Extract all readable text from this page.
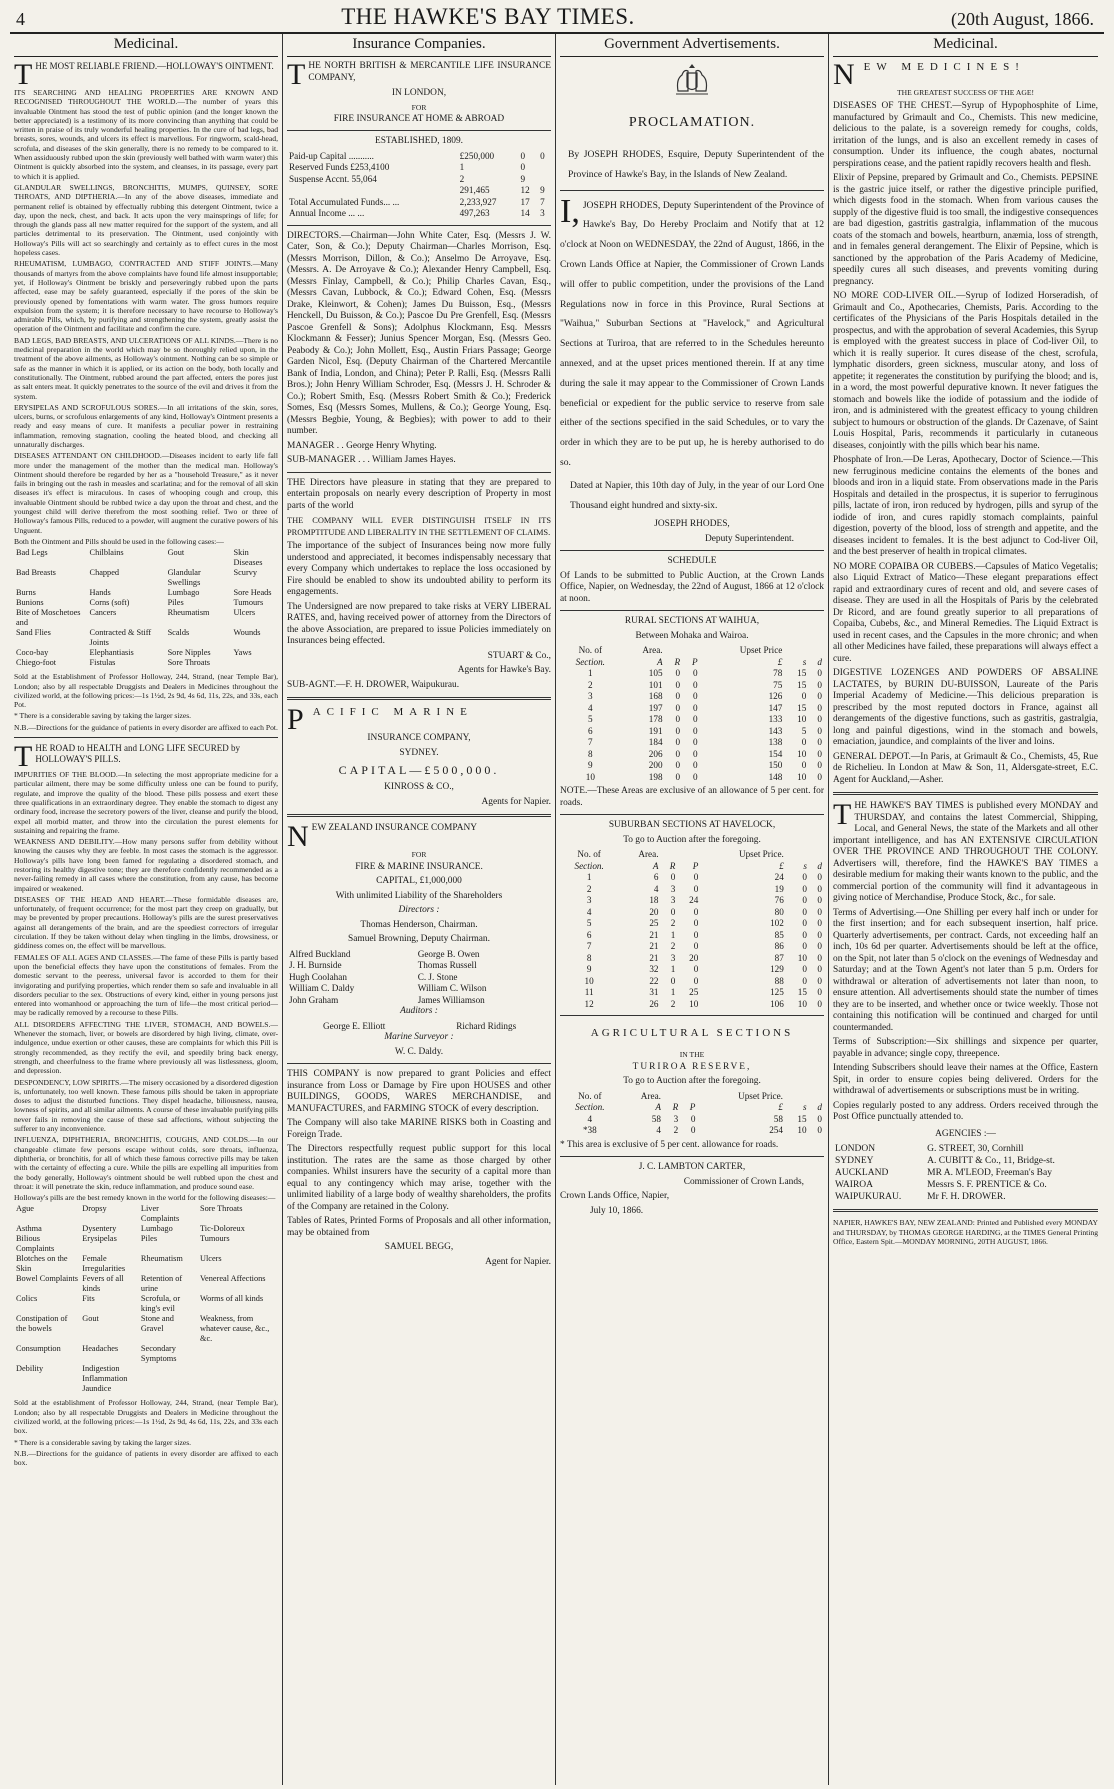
4	THE HAWKE'S BAY TIMES.	(20th August, 1866.
Medicinal.
THE MOST RELIABLE FRIEND.—HOLLOWAY'S OINTMENT.

ITS SEARCHING AND HEALING PROPERTIES ARE KNOWN AND RECOGNISED THROUGHOUT THE WORLD.—The number of years this invaluable Ointment has stood the test of public opinion (and the longer known the better appreciated) is a testimony of its more convincing than anything that could be written in praise of its truly wonderful healing properties. In the cure of bad legs, bad breasts, sores, wounds, and ulcers its effect is marvellous. For ringworm, scald-head, scrofula, and diseases of the skin generally, there is no remedy to be compared to it. When assiduously rubbed upon the skin (previously well bathed with warm water) this Ointment is quickly absorbed into the system, and cleanses, in its passage, every part to which it is applied.

GLANDULAR SWELLINGS, BRONCHITIS, MUMPS, QUINSEY, SORE THROATS, AND DIPTHERIA.—In any of the above diseases, immediate and permanent relief is obtained by effectually rubbing this detergent Ointment, twice a day, upon the neck, chest, and back. It acts upon the very mainsprings of life; for through the glands pass all new matter required for the support of the system, and all particles detrimental to its preservation. The Ointment, used conjointly with Holloway's Pills will act so searchingly and certainly as to effect cures in the most hopeless cases.

RHEUMATISM, LUMBAGO, CONTRACTED AND STIFF JOINTS.—Many thousands of martyrs from the above complaints have found life almost insupportable; yet, if Holloway's Ointment be briskly and perseveringly rubbed upon the parts affected, ease may be safely guaranteed, especially if the pores of the skin be previously opened by fomentations with warm water. The gross humors require expulsion from the system; it is therefore necessary to have recourse to Holloway's admirable Pills, which, by purifying and strengthening the system, greatly assist the operation of the Ointment and facilitate and confirm the cure.

BAD LEGS, BAD BREASTS, AND ULCERATIONS OF ALL KINDS.—There is no medicinal preparation in the world which may be so thoroughly relied upon, in the treatment of the above ailments, as Holloway's ointment. Nothing can be so simple or safe as the manner in which it is applied, or its action on the body, both locally and constitutionally. The Ointment, rubbed around the part affected, enters the pores just as salt enters meat. It quickly penetrates to the source of the evil and drives it from the system.

ERYSIPELAS AND SCROFULOUS SORES.—In all irritations of the skin, sores, ulcers, burns, or scrofulous enlargements of any kind, Holloway's Ointment presents a ready and easy means of cure. It manifests a peculiar power in restraining inflammation, removing stagnation, cooling the heated blood, and checking all unnaturally discharges.

DISEASES ATTENDANT ON CHILDHOOD.—Diseases incident to early life fall more under the management of the mother than the medical man. Holloway's Ointment should therefore be regarded by her as a "household Treasure," as it never fails in bringing out the rash in measles and scarlatina; and for the removal of all skin diseases it's effect is miraculous. In cases of whooping cough and croup, this invaluable Ointment should be rubbed twice a day upon the throat and chest, and the youngest child will derive therefrom the most soothing relief. Two or three of Holloway's famous Pills, reduced to a powder, will augment the curative powers of his Unguent.

Both the Ointment and Pills should be used in the following cases:—

Bad Legs	Chilblains	Gout	Skin Diseases
Bad Breasts	Chapped	Glandular Swellings	Scurvy
Burns	Hands	Lumbago	Sore Heads
Bunions	Corns (soft)	Piles	Tumours
Bite of Moschetoes and	Cancers	Rheumatism	Ulcers
Sand Flies	Contracted & Stiff Joints	Scalds	Wounds
Coco-bay	Elephantiasis	Sore Nipples	Yaws
Chiego-foot	Fistulas	Sore Throats	

Sold at the Establishment of Professor Holloway, 244, Strand, (near Temple Bar), London; also by all respectable Druggists and Dealers in Medicines throughout the civilized world, at the following prices:—1s 1½d, 2s 9d, 4s 6d, 11s, 22s, and 33s, each Pot.

* There is a considerable saving by taking the larger sizes.

N.B.—Directions for the guidance of patients in every disorder are affixed to each Pot.

THE ROAD to HEALTH and LONG LIFE SECURED by HOLLOWAY'S PILLS.

IMPURITIES OF THE BLOOD.—In selecting the most appropriate medicine for a particular ailment, there may be some difficulty unless one can be found to purify, regulate, and improve the quality of the blood. These pills possess and exert these three qualifications in an extraordinary degree. They enable the stomach to digest any ordinary food, increase the secretory powers of the liver, cleanse and purify the blood, expel all morbid matter, and throw into the circulation the purest elements for sustaining and repairing the frame.

WEAKNESS AND DEBILITY.—How many persons suffer from debility without knowing the causes why they are feeble. In most cases the stomach is the aggressor. Holloway's pills have long been famed for regulating a disordered stomach, and restoring its healthy digestive tone; they are therefore confidently recommended as a never-failing remedy in all cases where the constitution, from any cause, has become impaired or weakened.

DISEASES OF THE HEAD AND HEART.—These formidable diseases are, unfortunately, of frequent occurrence; for the most part they creep on gradually, but may be prevented by proper precautions. Holloway's pills are the surest preservatives against all derangements of the brain, and are the speediest correctors of irregular circulation. If they be taken without delay when tingling in the limbs, drowsiness, or giddiness comes on, the effect will be marvellous.

FEMALES OF ALL AGES AND CLASSES.—The fame of these Pills is partly based upon the beneficial effects they have upon the constitutions of females. From the domestic servant to the peeress, universal favor is accorded to them for their invigorating and purifying properties, which render them so safe and invaluable in all disorders peculiar to the sex. Obstructions of every kind, either in young persons just entered into womanhood or approaching the turn of life—the most critical period—may be radically removed by a recourse to these Pills.

ALL DISORDERS AFFECTING THE LIVER, STOMACH, AND BOWELS.—Whenever the stomach, liver, or bowels are disordered by high living, climate, over-indulgence, undue exertion or other causes, these are complaints for which this Pill is strongly recommended, as they rectify the evil, and speedily bring back energy, strength, and cheerfulness to the frame where previously all was listlessness, gloom, and depression.

DESPONDENCY, LOW SPIRITS.—The misery occasioned by a disordered digestion is, unfortunately, too well known. These famous pills should be taken in appropriate doses to adjust the disturbed functions. They dispel headache, biliousness, nausea, lowness of spirits, and all similar ailments. A course of these invaluable purifying pills never fails in removing the cause of these sad affections, without subjecting the sufferer to any inconvenience.

INFLUENZA, DIPHTHERIA, BRONCHITIS, COUGHS, AND COLDS.—In our changeable climate few persons escape without colds, sore throats, influenza, diphtheria, or bronchitis, for all of which these famous corrective pills may be taken with the certainty of effecting a cure. While the pills are expelling all impurities from the body generally, Holloway's ointment should be well rubbed upon the chest and throat: it will penetrate the skin, reduce inflammation, and produce sound ease.

Holloway's pills are the best remedy known in the world for the following diseases:—

Ague	Dropsy	Liver Complaints	Sore Throats
Asthma	Dysentery	Lumbago	Tic-Doloreux
Bilious Complaints	Erysipelas	Piles	Tumours
Blotches on the Skin	Female Irregularities	Rheumatism	Ulcers
Bowel Complaints	Fevers of all kinds	Retention of urine	Venereal Affections
Colics	Fits	Scrofula, or king's evil	Worms of all kinds
Constipation of the bowels	Gout	Stone and Gravel	Weakness, from whatever cause, &c., &c.
Consumption	Headaches	Secondary Symptoms	
Debility	Indigestion		
	Inflammation		
	Jaundice		

Sold at the establishment of Professor Holloway, 244, Strand, (near Temple Bar), London; also by all respectable Druggists and Dealers in Medicine throughout the civilized world, at the following prices:—1s 1½d, 2s 9d, 4s 6d, 11s, 22s, and 33s each box.

* There is a considerable saving by taking the larger sizes.

N.B.—Directions for the guidance of patients in every disorder are affixed to each box.

Insurance Companies.
THE NORTH BRITISH & MERCANTILE LIFE INSURANCE COMPANY,

IN LONDON,

FOR

FIRE INSURANCE AT HOME & ABROAD

ESTABLISHED, 1809.

Paid-up Capital ...........	£250,000	0	0
Reserved Funds £253,4100	1	0	
Suspense Accnt. 55,064	2	9	
	291,465	12	9
Total Accumulated Funds... ...	2,233,927	17	7
Annual Income ... ...	497,263	14	3

DIRECTORS.—Chairman—John White Cater, Esq. (Messrs J. W. Cater, Son, & Co.); Deputy Chairman—Charles Morrison, Esq. (Messrs Morrison, Dillon, & Co.); Anselmo De Arroyave, Esq. (Messrs. A. De Arroyave & Co.); Alexander Henry Campbell, Esq. (Messrs Finlay, Campbell, & Co.); Philip Charles Cavan, Esq., (Messrs Cavan, Lubbock, & Co.); Edward Cohen, Esq. (Messrs Drake, Kleinwort, & Cohen); James Du Buisson, Esq., (Messrs Henckell, Du Buisson, & Co.); Pascoe Du Pre Grenfell, Esq. (Messrs Pascoe Grenfell & Sons); Adolphus Klockmann, Esq. Messrs Klockmann & Fesser); Junius Spencer Morgan, Esq. (Messrs Geo. Peabody & Co.); John Mollett, Esq., Austin Friars Passage; George Garden Nicol, Esq. (Deputy Chairman of the Chartered Mercantile Bank of India, London, and China); Peter P. Ralli, Esq. (Messrs Ralli Bros.); John Henry William Schroder, Esq. (Messrs J. H. Schroder & Co.); Robert Smith, Esq. (Messrs Robert Smith & Co.); Frederick Somes, Esq (Messrs Somes, Mullens, & Co.); George Young, Esq. (Messrs Begbie, Young, & Begbies); with power to add to their number.

MANAGER . . George Henry Whyting.

SUB-MANAGER . . . William James Hayes.

THE Directors have pleasure in stating that they are prepared to entertain proposals on nearly every description of Property in most parts of the world

THE COMPANY WILL EVER DISTINGUISH ITSELF IN ITS PROMPTITUDE AND LIBERALITY IN THE SETTLEMENT OF CLAIMS.

The importance of the subject of Insurances being now more fully understood and appreciated, it becomes indispensably necessary that every Company which undertakes to replace the loss occasioned by Fire should be enabled to show its undoubted ability to perform its engagements.

The Undersigned are now prepared to take risks at VERY LIBERAL RATES, and, having received power of attorney from the Directors of the above Association, are prepared to issue Policies immediately on Insurances being effected.

STUART & Co.,

Agents for Hawke's Bay.

SUB-AGNT.—F. H. DROWER, Waipukurau.

PACIFIC MARINE

INSURANCE COMPANY,

SYDNEY.

CAPITAL—£500,000.

KINROSS & CO.,

Agents for Napier.

NEW ZEALAND INSURANCE COMPANY

FOR

FIRE & MARINE INSURANCE.

CAPITAL, £1,000,000

With unlimited Liability of the Shareholders

Directors :

Thomas Henderson, Chairman.

Samuel Browning, Deputy Chairman.

Alfred Buckland	George B. Owen
J. H. Burnside	Thomas Russell
Hugh Coolahan	C. J. Stone
William C. Daldy	William C. Wilson
John Graham	James Williamson

Auditors :

George E. Elliott	Richard Ridings

Marine Surveyor :

W. C. Daldy.

THIS COMPANY is now prepared to grant Policies and effect insurance from Loss or Damage by Fire upon HOUSES and other BUILDINGS, GOODS, WARES MERCHANDISE, and MANUFACTURES, and FARMING STOCK of every description.

The Company will also take MARINE RISKS both in Coasting and Foreign Trade.

The Directors respectfully request public support for this local institution. The rates are the same as those charged by other companies. Whilst insurers have the security of a capital more than equal to any contingency which may arise, together with the unlimited liability of a large body of wealthy shareholders, the profits of the Company are retained in the Colony.

Tables of Rates, Printed Forms of Proposals and all other information, may be obtained from

SAMUEL BEGG,

Agent for Napier.

Government Advertisements.

PROCLAMATION.

By JOSEPH RHODES, Esquire, Deputy Superintendent of the Province of Hawke's Bay, in the Islands of New Zealand.

I, JOSEPH RHODES, Deputy Superintendent of the Province of Hawke's Bay, Do Hereby Proclaim and Notify that at 12 o'clock at Noon on WEDNESDAY, the 22nd of August, 1866, in the Crown Lands Office at Napier, the Commissioner of Crown Lands will offer to public competition, under the provisions of the Land Regulations now in force in this Province, Rural Sections at "Waihua," Suburban Sections at "Havelock," and Agricultural Sections at Turiroa, that are referred to in the Schedules hereunto annexed, and at the upset prices mentioned therein. If at any time during the sale it may appear to the Commissioner of Crown Lands beneficial or expedient for the public service to reserve from sale either of the sections specified in the said Schedules, or to vary the order in which they are to be put up, he is hereby authorised to do so.

Dated at Napier, this 10th day of July, in the year of our Lord One Thousand eight hundred and sixty-six.

JOSEPH RHODES,

Deputy Superintendent.

SCHEDULE

Of Lands to be submitted to Public Auction, at the Crown Lands Office, Napier, on Wednesday, the 22nd of August, 1866 at 12 o'clock at noon.

RURAL SECTIONS AT WAIHUA,

Between Mohaka and Wairoa.

No. of	Area.			Upset Price		
Section.	A	R	P	£	s	d
1	105	0	0	78	15	0
2	101	0	0	75	15	0
3	168	0	0	126	0	0
4	197	0	0	147	15	0
5	178	0	0	133	10	0
6	191	0	0	143	5	0
7	184	0	0	138	0	0
8	206	0	0	154	10	0
9	200	0	0	150	0	0
10	198	0	0	148	10	0

NOTE.—These Areas are exclusive of an allowance of 5 per cent. for roads.

SUBURBAN SECTIONS AT HAVELOCK,

To go to Auction after the foregoing.

No. of	Area.			Upset Price.		
Section.	A	R	P	£	s	d
1	6	0	0	24	0	0
2	4	3	0	19	0	0
3	18	3	24	76	0	0
4	20	0	0	80	0	0
5	25	2	0	102	0	0
6	21	1	0	85	0	0
7	21	2	0	86	0	0
8	21	3	20	87	10	0
9	32	1	0	129	0	0
10	22	0	0	88	0	0
11	31	1	25	125	15	0
12	26	2	10	106	10	0

AGRICULTURAL SECTIONS

IN THE

TURIROA RESERVE,

To go to Auction after the foregoing.

No. of	Area.			Upset Price.		
Section.	A	R	P	£	s	d
4	58	3	0	58	15	0
*38	4	2	0	254	10	0

* This area is exclusive of 5 per cent. allowance for roads.

J. C. LAMBTON CARTER,

Commissioner of Crown Lands,

Crown Lands Office, Napier,

July 10, 1866.

Medicinal.
NEW MEDICINES!

THE GREATEST SUCCESS OF THE AGE!

DISEASES OF THE CHEST.—Syrup of Hypophosphite of Lime, manufactured by Grimault and Co., Chemists. This new medicine, delicious to the palate, is a sovereign remedy for coughs, colds, irritation of the lungs, and is also an excellent remedy in cases of consumption. Under its influence, the cough abates, nocturnal perspirations cease, and the patient rapidly recovers health and flesh.

Elixir of Pepsine, prepared by Grimault and Co., Chemists. PEPSINE is the gastric juice itself, or rather the digestive principle purified, which digests food in the stomach. When from various causes the supply of the digestive fluid is too small, the indigestive consequences are bad digestion, gastritis gastralgia, inflammation of the mucous coats of the stomach and bowels, heartburn, anæmia, loss of strength, and in females general derangement. The Elixir of Pepsine, which is sanctioned by the approbation of the Paris Academy of Medicine, speedily cures all such diseases, and prevents vomiting during pregnancy.

NO MORE COD-LIVER OIL.—Syrup of Iodized Horseradish, of Grimault and Co., Apothecaries, Chemists, Paris. According to the certificates of the Physicians of the Paris Hospitals detailed in the prospectus, and with the approbation of several Academies, this Syrup is employed with the greatest success in place of Cod-liver Oil, to which it is really superior. It cures disease of the chest, scrofula, lymphatic disorders, green sickness, muscular atony, and loss of appetite; it regenerates the constitution by purifying the blood; and is, in a word, the most powerful depurative known. It never fatigues the stomach and bowels like the iodide of potassium and the iodide of iron, and is administered with the greatest efficacy to young children subject to humours or obstruction of the glands. Dr Cazenave, of Saint Louis Hospital, Paris, recommends it particularly in cutaneous diseases, conjointly with the pills which bear his name.

Phosphate of Iron.—De Leras, Apothecary, Doctor of Science.—This new ferruginous medicine contains the elements of the bones and bloods and iron in a liquid state. From observations made in the Paris Hospitals and detailed in the prospectus, it is superior to ferruginous pills, lactate of iron, iron reduced by hydrogen, pills and syrup of the iodide of iron, and cures rapidly stomach complaints, painful digestion, poverty of the blood, loss of strength and appetite, and the diseases incident to females. It is the best adjunct to Cod-liver Oil, and the best preserver of health in tropical climates.

NO MORE COPAIBA OR CUBEBS.—Capsules of Matico Vegetalis; also Liquid Extract of Matico—These elegant preparations effect rapid and extraordinary cures of recent and old, and severe cases of disease. They are used in all the Hospitals of Paris by the celebrated Dr Ricord, and are found greatly superior to all preparations of Copaiba, Cubebs, &c., and Mineral Remedies. The Liquid Extract is used in recent cases, and the Capsules in the more chronic; and when all other Medicines have failed, these preparations will always effect a cure.

DIGESTIVE LOZENGES AND POWDERS OF ABSALINE LACTATES, by BURIN DU-BUISSON, Laureate of the Paris Imperial Academy of Medicine.—This delicious preparation is prescribed by the most reputed doctors in France, against all derangements of the digestive functions, such as gastritis, gastralgia, long and painful digestions, wind in the stomach and bowels, emaciation, jaundice, and complaints of the liver and loins.

GENERAL DEPOT.—In Paris, at Grimault & Co., Chemists, 45, Rue de Richelieu. In London at Maw & Son, 11, Aldersgate-street, E.C. Agent for Auckland,—Asher.

THE HAWKE'S BAY TIMES is published every MONDAY and THURSDAY, and contains the latest Commercial, Shipping, Local, and General News, the state of the Markets and all other important intelligence, and has AN EXTENSIVE CIRCULATION OVER THE PROVINCE AND THROUGHOUT THE COLONY. Advertisers will, therefore, find the HAWKE'S BAY TIMES a desirable medium for making their wants known to the public, and the commercial portion of the community will find it advantageous in giving notice of Merchandise, Produce Stock, &c., for sale.

Terms of Advertising.—One Shilling per every half inch or under for the first insertion; and for each subsequent insertion, half price. Quarterly advertisements, per contract. Cards, not exceeding half an inch, 10s 6d per quarter. Advertisements should be left at the office, on the Spit, not later than 5 o'clock on the evenings of Wednesday and Saturday; and at the Town Agent's not later than 5 p.m. Orders for withdrawal or alteration of advertisements not later than noon, to ensure attention. All advertisements should state the number of times they are to be inserted, and whether once or twice weekly. Those not containing this notification will be continued and charged for until countermanded.

Terms of Subscription:—Six shillings and sixpence per quarter, payable in advance; single copy, threepence.

Intending Subscribers should leave their names at the Office, Eastern Spit, in order to ensure copies being delivered. Orders for the withdrawal of advertisements or subscriptions must be in writing.

Copies regularly posted to any address. Orders received through the Post Office punctually attended to.

AGENCIES :—

LONDON	G. STREET, 30, Cornhill
SYDNEY	A. CUBITT & Co., 11, Bridge-st.
AUCKLAND	MR A. M'LEOD, Freeman's Bay
WAIROA	Messrs S. F. PRENTICE & Co.
WAIPUKURAU.	Mr F. H. DROWER.

NAPIER, HAWKE'S BAY, NEW ZEALAND: Printed and Published every MONDAY and THURSDAY, by THOMAS GEORGE HARDING, at the TIMES General Printing Office, Eastern Spit.—MONDAY MORNING, 20TH AUGUST, 1866.
